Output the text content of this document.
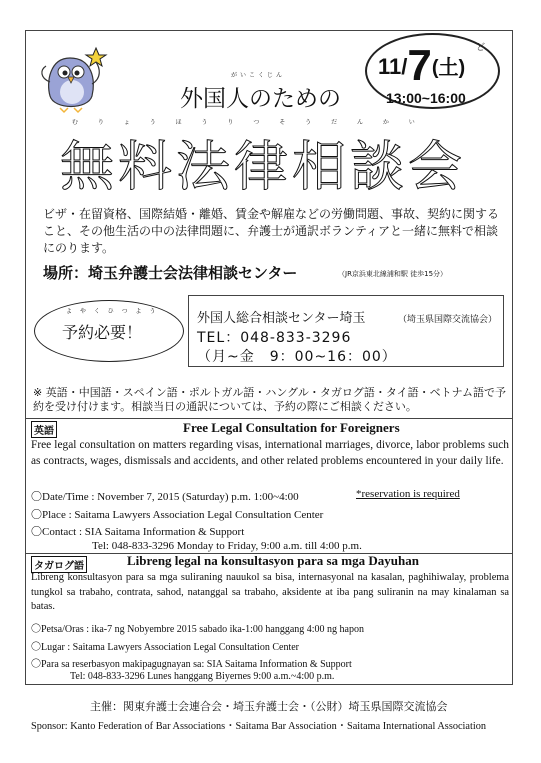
ど
11/7(土)
13:00~16:00
がいこくじん
外国人のための
む り ょ う ほ う り つ そ う だ ん か い
無料法律相談会
ビザ・在留資格、国際結婚・離婚、賃金や解雇などの労働問題、事故、契約に関すること、その他生活の中の法律問題に、弁護士が通訳ボランティアと一緒に無料で相談にのります。
場所：埼玉弁護士会法律相談センター	（JR京浜東北線浦和駅 徒歩15分）
よ や く ひ つ よ う
予約必要！
外国人総合相談センター埼玉	（埼玉県国際交流協会）
TEL：048-833-3296
（月~金　9：00~16：00）
※ 英語・中国語・スペイン語・ポルトガル語・ハングル・タガログ語・タイ語・ベトナム語で予約を受け付けます。相談当日の通訳については、予約の際にご相談ください。
英語	Free Legal Consultation for Foreigners
Free legal consultation on matters regarding visas, international marriages, divorce, labor problems such as contracts, wages, dismissals and accidents, and other related problems encountered in your daily life.
〇Date/Time : November 7, 2015 (Saturday) p.m. 1:00~4:00	*reservation is required
〇Place : Saitama Lawyers Association Legal Consultation Center
〇Contact : SIA Saitama Information & Support
Tel: 048-833-3296 Monday to Friday, 9:00 a.m. till 4:00 p.m.
タガログ語	Libreng legal na konsultasyon para sa mga Dayuhan
Libreng konsultasyon para sa mga suliraning nauukol sa bisa, internasyonal na kasalan, paghihiwalay, problema tungkol sa trabaho, contrata, sahod, natanggal sa trabaho, aksidente at iba pang suliranin na may kinalaman sa batas.
〇Petsa/Oras : ika-7 ng Nobyembre 2015 sabado ika-1:00 hanggang 4:00 ng hapon
〇Lugar : Saitama Lawyers Association Legal Consultation Center
〇Para sa reserbasyon makipagugnayan sa: SIA Saitama Information & Support
Tel: 048-833-3296 Lunes hanggang Biyernes 9:00 a.m.~4:00 p.m.
主催：関東弁護士会連合会・埼玉弁護士会・（公財）埼玉県国際交流協会
Sponsor: Kanto Federation of Bar Associations・Saitama Bar Association・Saitama International Association
